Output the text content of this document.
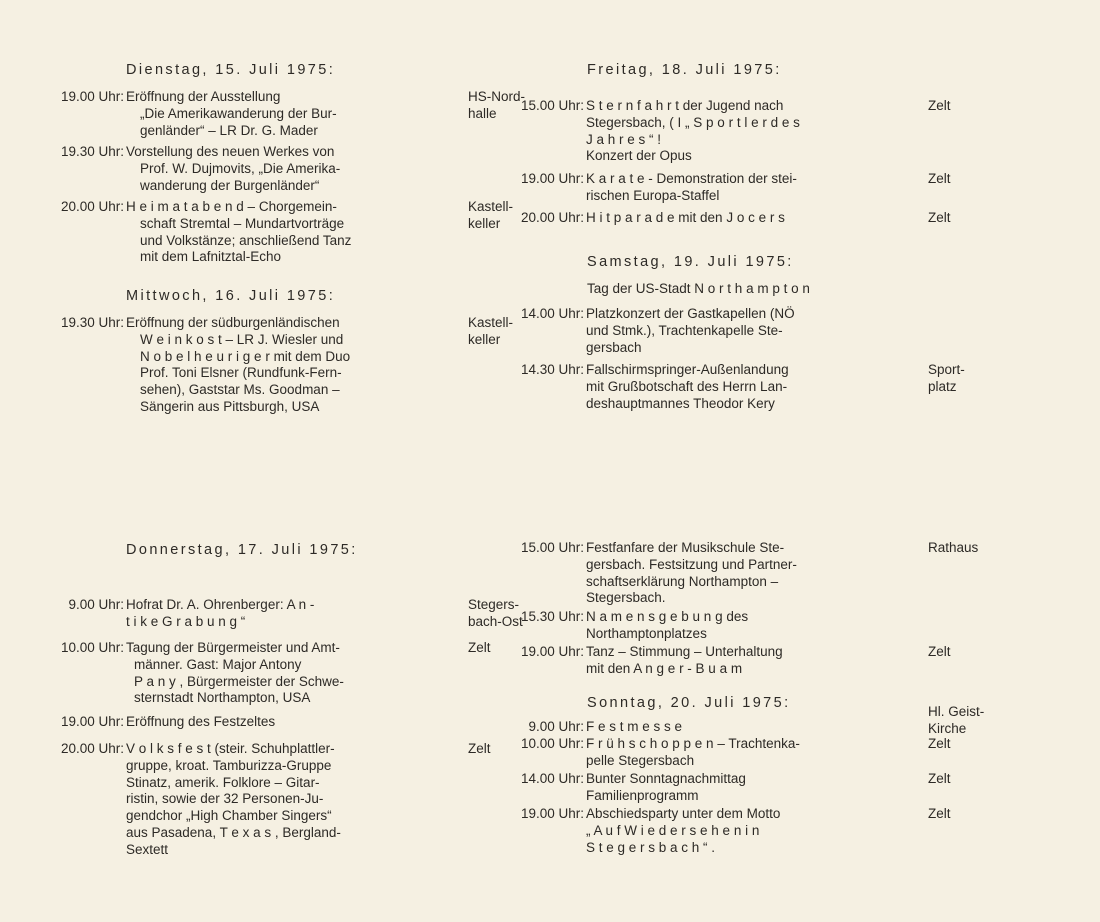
Dienstag, 15. Juli 1975:
19.00 Uhr: Eröffnung der Ausstellung
„Die Amerikawanderung der Bur-
genländer“ – LR Dr. G. Mader
HS-Nord-
halle
19.30 Uhr: Vorstellung des neuen Werkes von
Prof. W. Dujmovits, „Die Amerika-
wanderung der Burgenländer“
20.00 Uhr: H e i m a t a b e n d – Chorgemein-
schaft Stremtal – Mundartvorträge
und Volkstänze; anschließend Tanz
mit dem Lafnitztal-Echo
Kastell-
keller
Mittwoch, 16. Juli 1975:
19.30 Uhr: Eröffnung der südburgenländischen
W e i n k o s t – LR J. Wiesler und
N o b e l h e u r i g e r mit dem Duo
Prof. Toni Elsner (Rundfunk-Fern-
sehen), Gaststar Ms. Goodman –
Sängerin aus Pittsburgh, USA
Kastell-
keller
Donnerstag, 17. Juli 1975:
9.00 Uhr: Hofrat Dr. A. Ohrenberger: A n -
t i k e G r a b u n g “
Stegers-
bach-Ost
10.00 Uhr: Tagung der Bürgermeister und Amt-
männer. Gast: Major Antony
P a n y , Bürgermeister der Schwe-
sternstadt Northampton, USA
Zelt
19.00 Uhr: Eröffnung des Festzeltes
20.00 Uhr: V o l k s f e s t (steir. Schuhplattler-
gruppe, kroat. Tamburizza-Gruppe
Stinatz, amerik. Folklore – Gitar-
ristin, sowie der 32 Personen-Ju-
gendchor „High Chamber Singers“
aus Pasadena, T e x a s , Bergland-
Sextett
Zelt
Freitag, 18. Juli 1975:
15.00 Uhr: S t e r n f a h r t der Jugend nach
Stegersbach, ( I „ S p o r t l e r d e s
J a h r e s “ !
Konzert der Opus
Zelt
19.00 Uhr: K a r a t e - Demonstration der stei-
rischen Europa-Staffel
Zelt
20.00 Uhr: H i t p a r a d e mit den J o c e r s	Zelt
Samstag, 19. Juli 1975:
Tag der US-Stadt N o r t h a m p t o n
14.00 Uhr: Platzkonzert der Gastkapellen (NÖ
und Stmk.), Trachtenkapelle Ste-
gersbach
14.30 Uhr: Fallschirmspringer-Außenlandung
mit Grußbotschaft des Herrn Lan-
deshauptmannes Theodor Kery
Sport-
platz
15.00 Uhr: Festfanfare der Musikschule Ste-
gersbach. Festsitzung und Partner-
schaftserklärung Northampton –
Stegersbach.
Rathaus
15.30 Uhr: N a m e n s g e b u n g des
Northamptonplatzes
19.00 Uhr: Tanz – Stimmung – Unterhaltung
mit den A n g e r - B u a m
Zelt
Sonntag, 20. Juli 1975:
Hl. Geist-
Kirche
9.00 Uhr: F e s t m e s s e
10.00 Uhr: F r ü h s c h o p p e n – Trachtenka-
pelle Stegersbach
Zelt
14.00 Uhr: Bunter Sonntagnachmittag
Familienprogramm
Zelt
19.00 Uhr: Abschiedsparty unter dem Motto
„ A u f W i e d e r s e h e n i n
S t e g e r s b a c h “ .
Zelt
